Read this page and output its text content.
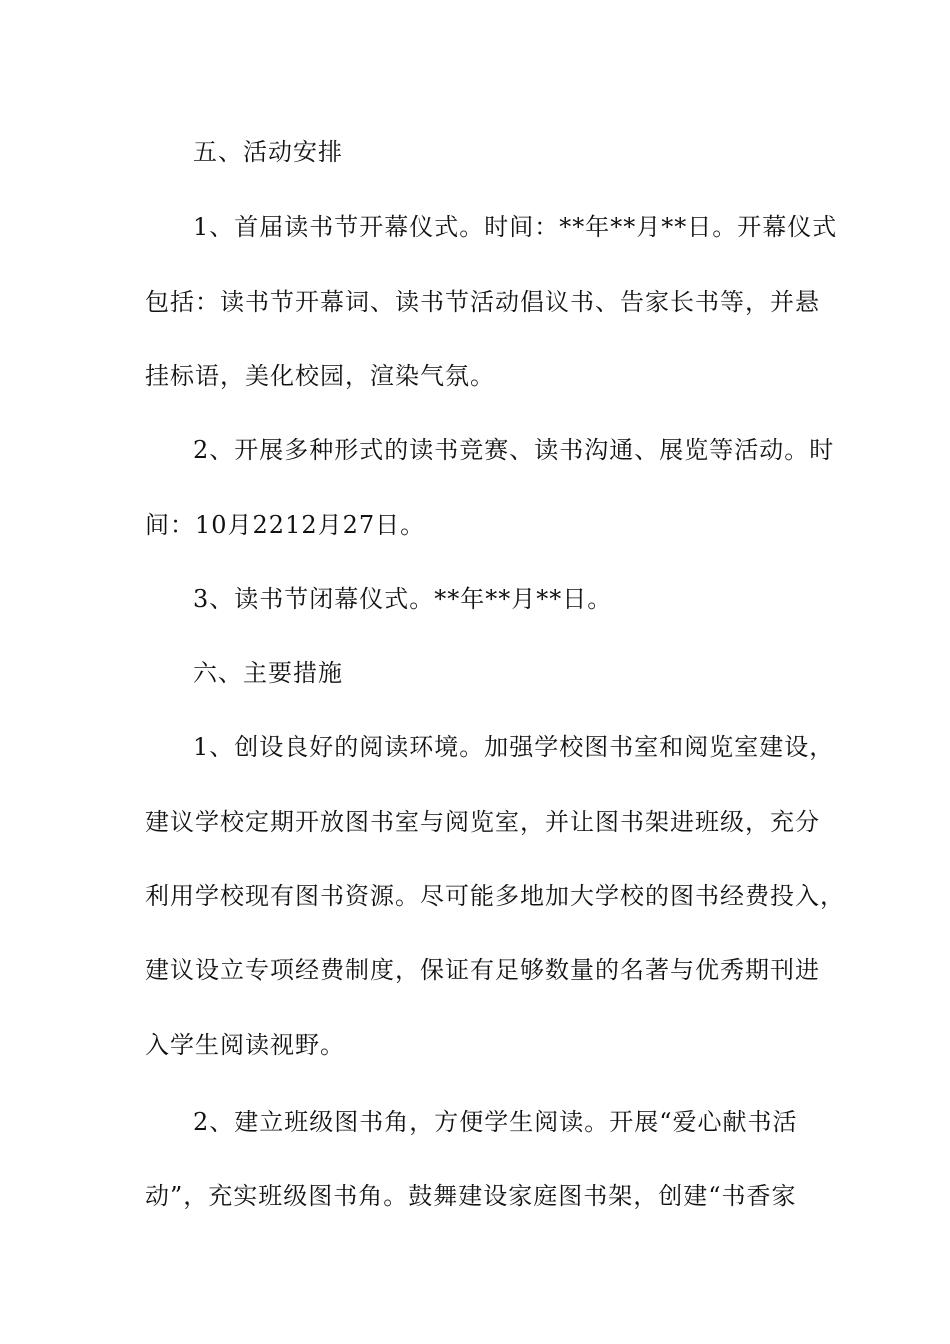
五、活动安排
1、首届读书节开幕仪式。时间：**年**月**日。开幕仪式
包括：读书节开幕词、读书节活动倡议书、告家长书等，并悬
挂标语，美化校园，渲染气氛。
2、开展多种形式的读书竞赛、读书沟通、展览等活动。时
间：10月2212月27日。
3、读书节闭幕仪式。**年**月**日。
六、主要措施
1、创设良好的阅读环境。加强学校图书室和阅览室建设，
建议学校定期开放图书室与阅览室，并让图书架进班级，充分
利用学校现有图书资源。尽可能多地加大学校的图书经费投入，
建议设立专项经费制度，保证有足够数量的名著与优秀期刊进
入学生阅读视野。
2、建立班级图书角，方便学生阅读。开展“爱心献书活
动”，充实班级图书角。鼓舞建设家庭图书架，创建“书香家
